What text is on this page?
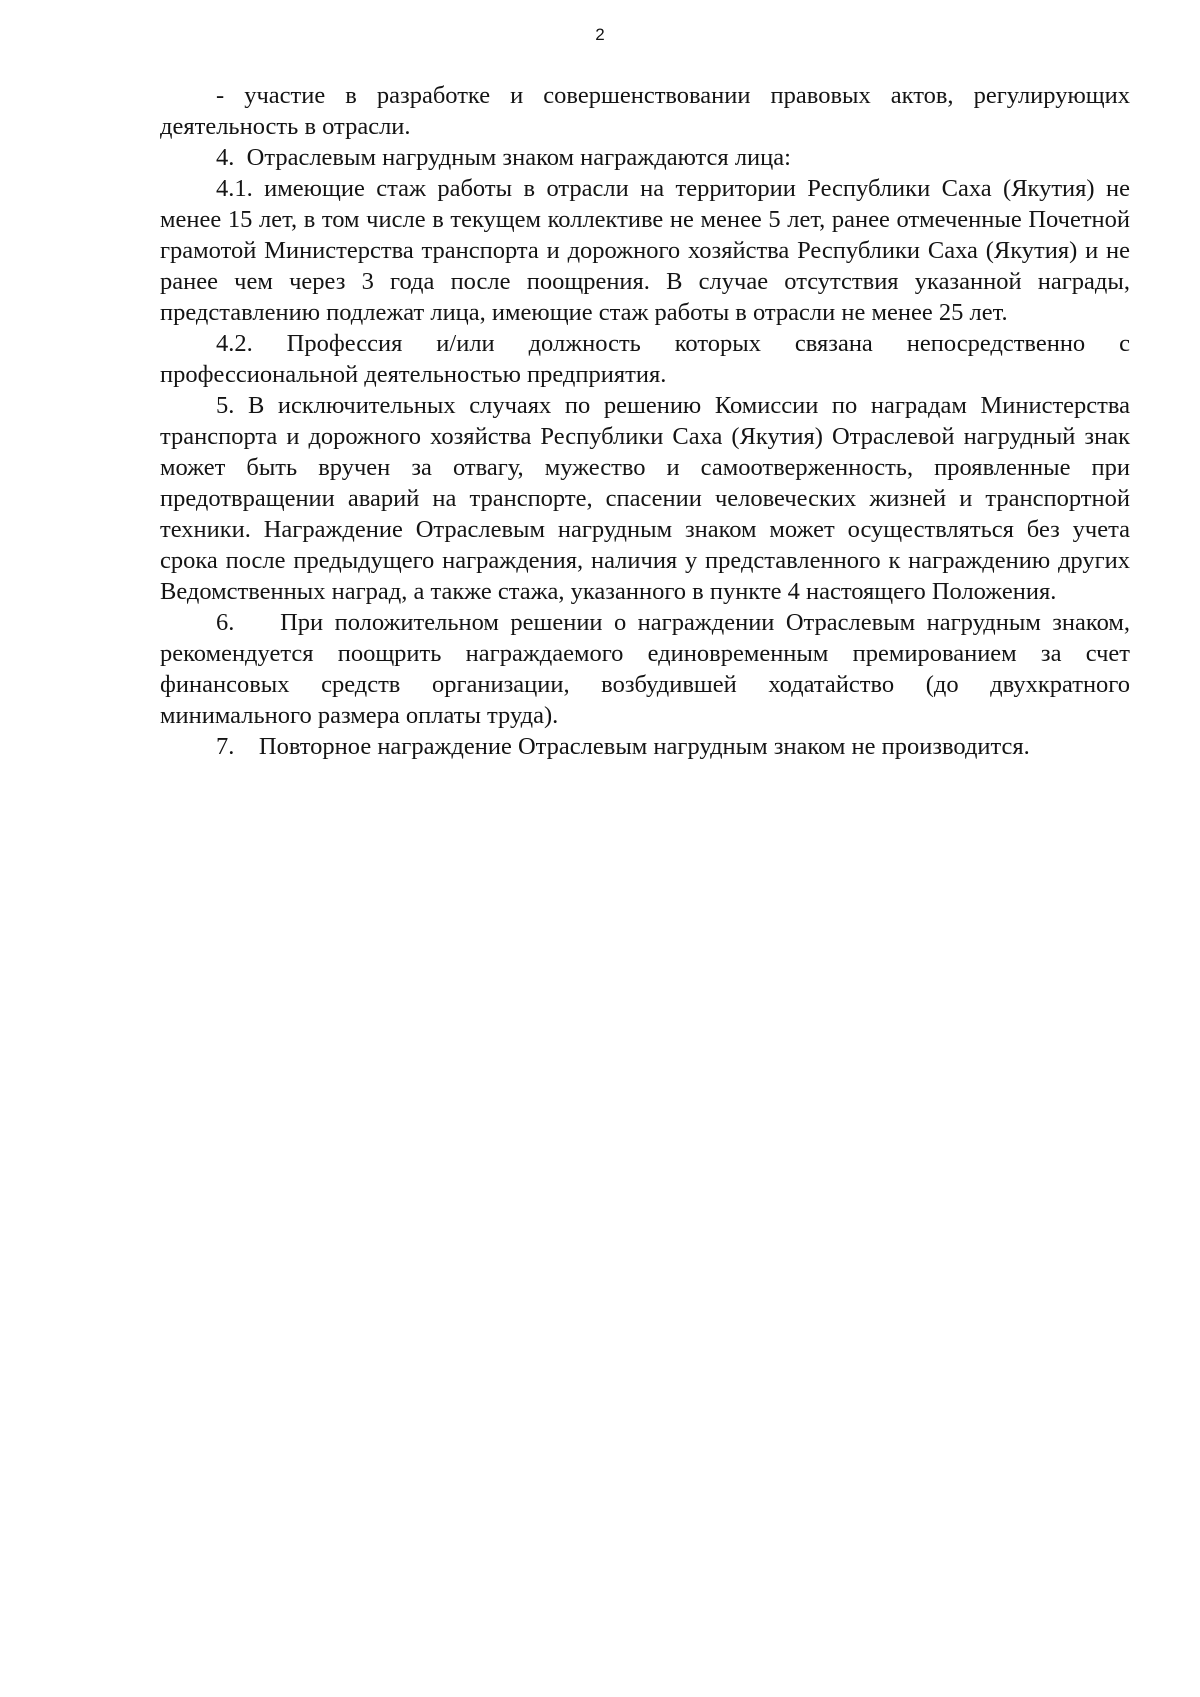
2

- участие в разработке и совершенствовании правовых актов, регулирующих деятельность в отрасли.

4.  Отраслевым нагрудным знаком награждаются лица:

4.1. имеющие стаж работы в отрасли на территории Республики Саха (Якутия) не менее 15 лет, в том числе в текущем коллективе не менее 5 лет, ранее отмеченные Почетной грамотой Министерства транспорта и дорожного хозяйства Республики Саха (Якутия) и не ранее чем через 3 года после поощрения. В случае отсутствия указанной награды, представлению подлежат лица, имеющие стаж работы в отрасли не менее 25 лет.

4.2. Профессия и/или должность которых связана непосредственно с профессиональной деятельностью предприятия.

5. В исключительных случаях по решению Комиссии по наградам Министерства транспорта и дорожного хозяйства Республики Саха (Якутия) Отраслевой нагрудный знак может быть вручен за отвагу, мужество и самоотверженность, проявленные при предотвращении аварий на транспорте, спасении человеческих жизней и транспортной техники. Награждение Отраслевым нагрудным знаком может осуществляться без учета срока после предыдущего награждения, наличия у представленного к награждению других Ведомственных наград, а также стажа, указанного в пункте 4 настоящего Положения.

6.    При положительном решении о награждении Отраслевым нагрудным знаком, рекомендуется поощрить награждаемого единовременным премированием за счет финансовых средств организации, возбудившей ходатайство (до двухкратного минимального размера оплаты труда).

7.    Повторное награждение Отраслевым нагрудным знаком не производится.
